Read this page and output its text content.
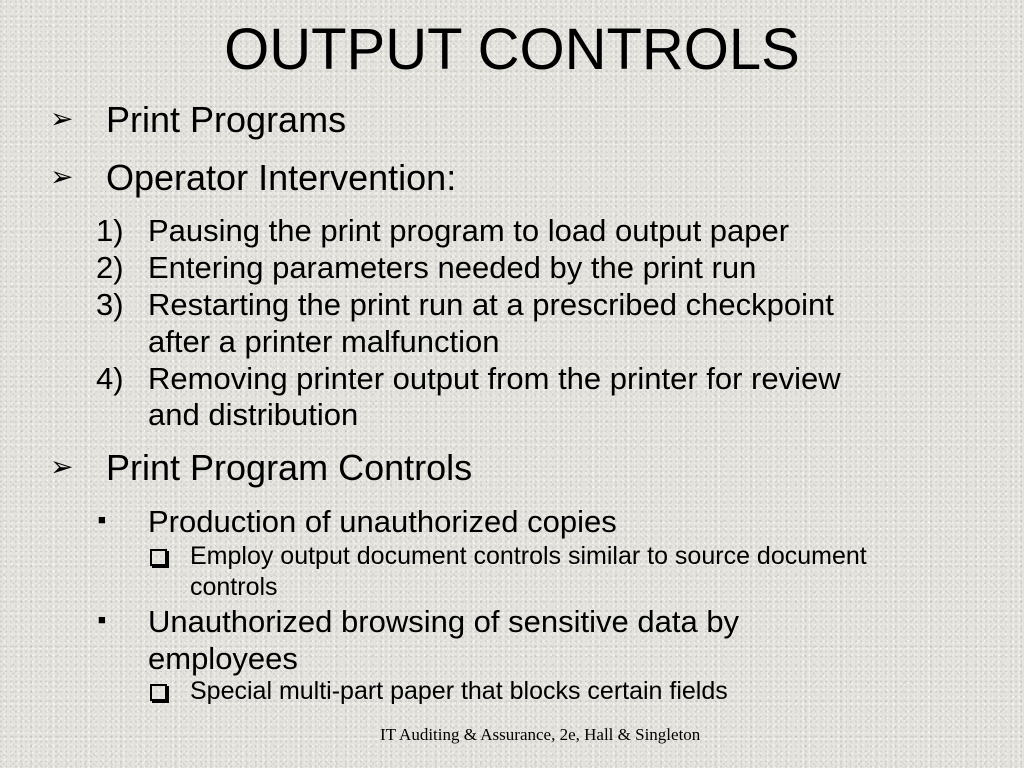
OUTPUT CONTROLS
➢ Print Programs
➢ Operator Intervention:
1) Pausing the print program to load output paper
2) Entering parameters needed by the print run
3) Restarting the print run at a prescribed checkpoint
after a printer malfunction
4) Removing printer output from the printer for review
and distribution
➢ Print Program Controls
■ Production of unauthorized copies
Employ output document controls similar to source document
controls
■ Unauthorized browsing of sensitive data by
employees
Special multi-part paper that blocks certain fields
IT Auditing & Assurance, 2e, Hall & Singleton
